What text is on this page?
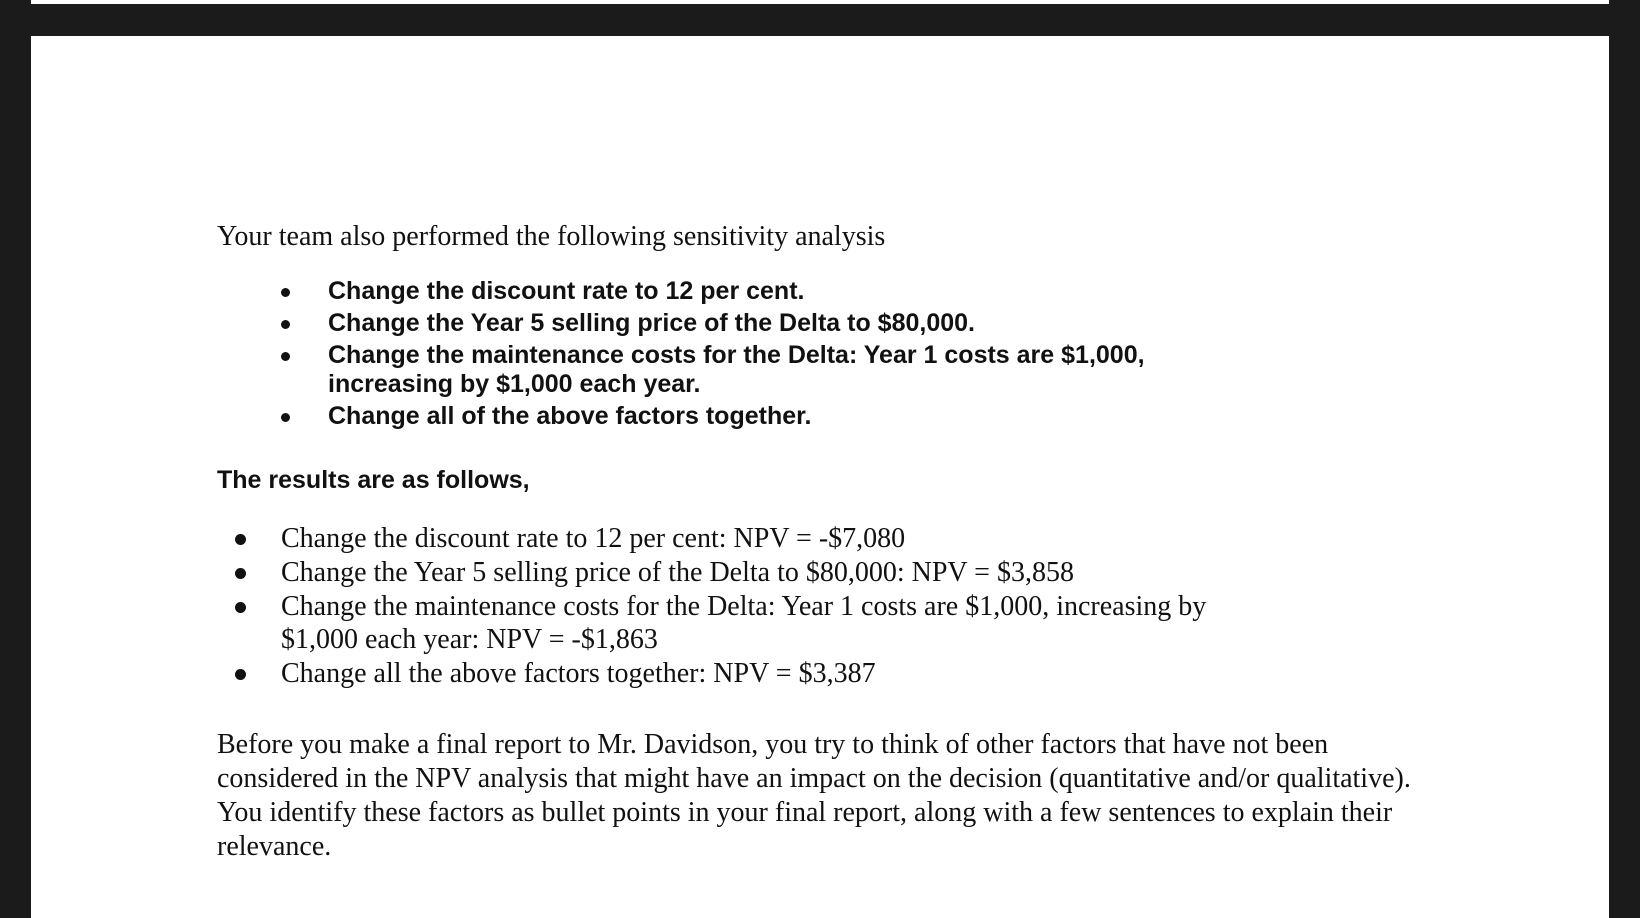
Your team also performed the following sensitivity analysis

Change the discount rate to 12 per cent.
Change the Year 5 selling price of the Delta to $80,000.
Change the maintenance costs for the Delta: Year 1 costs are $1,000, increasing by $1,000 each year.
Change all of the above factors together.

The results are as follows,

Change the discount rate to 12 per cent: NPV = -$7,080
Change the Year 5 selling price of the Delta to $80,000: NPV = $3,858
Change the maintenance costs for the Delta: Year 1 costs are $1,000, increasing by $1,000 each year: NPV = -$1,863
Change all the above factors together: NPV = $3,387

Before you make a final report to Mr. Davidson, you try to think of other factors that have not been considered in the NPV analysis that might have an impact on the decision (quantitative and/or qualitative). You identify these factors as bullet points in your final report, along with a few sentences to explain their relevance.
